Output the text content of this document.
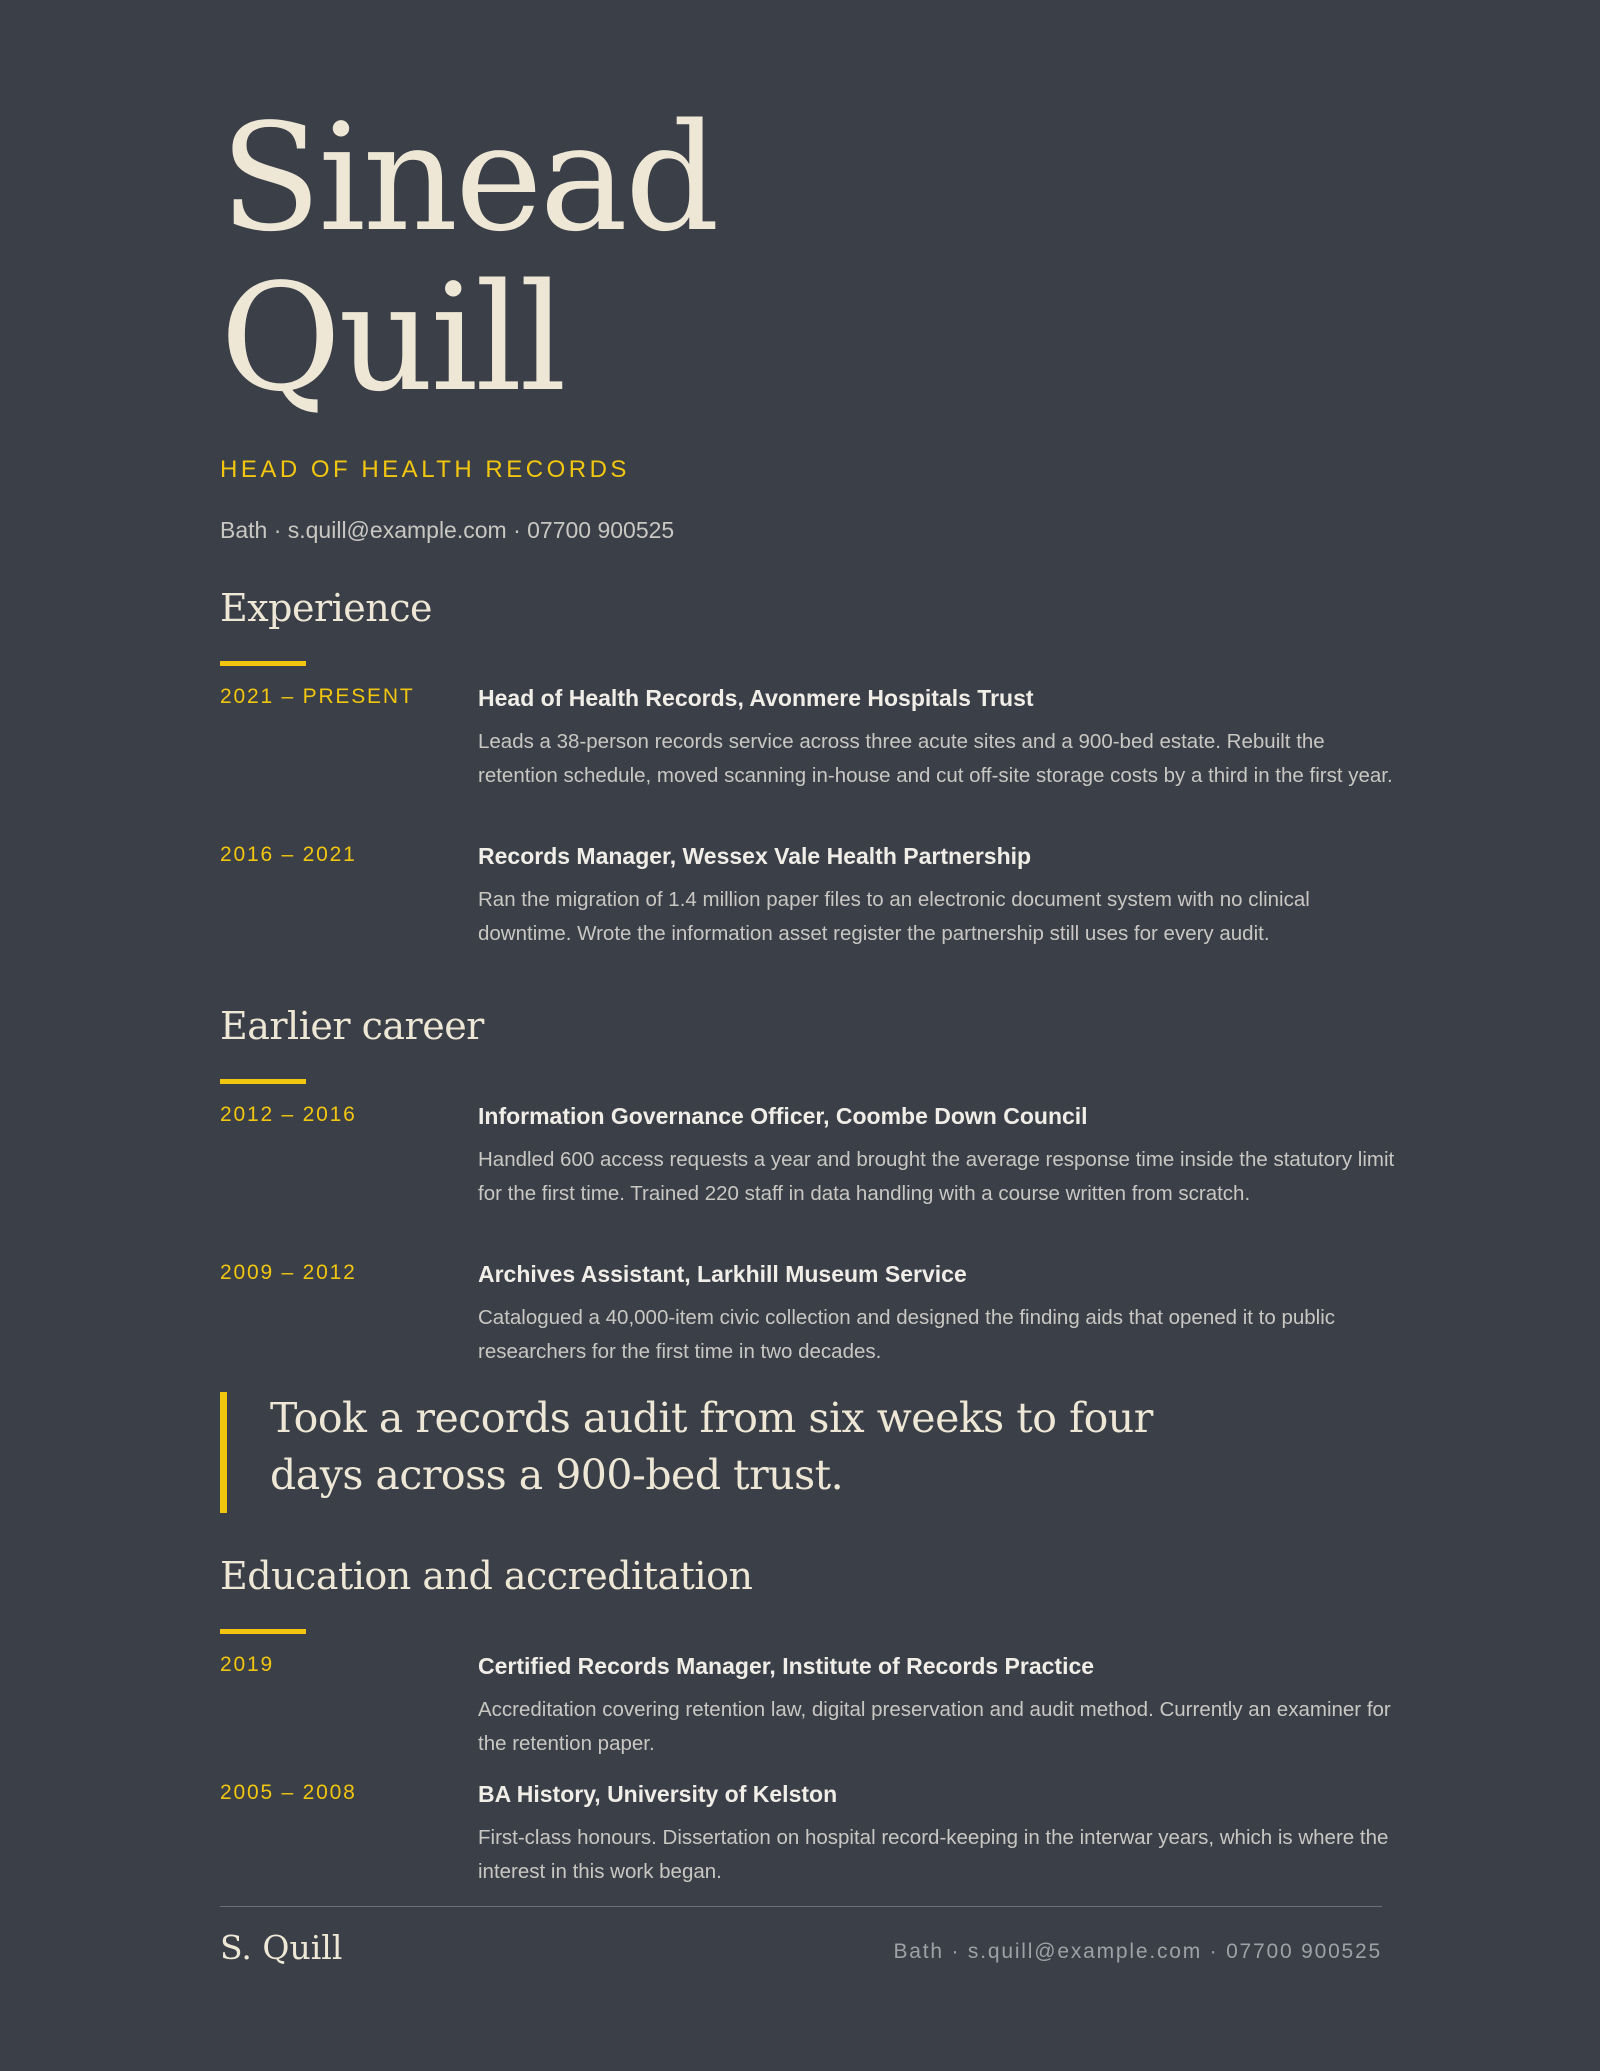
Sinead
Quill

HEAD OF HEALTH RECORDS

Bath · s.quill@example.com · 07700 900525

Experience

2021 – PRESENT	Head of Health Records, Avonmere Hospitals Trust

Leads a 38-person records service across three acute sites and a 900-bed estate. Rebuilt the retention schedule, moved scanning in-house and cut off-site storage costs by a third in the first year.

2016 – 2021	Records Manager, Wessex Vale Health Partnership

Ran the migration of 1.4 million paper files to an electronic document system with no clinical downtime. Wrote the information asset register the partnership still uses for every audit.

Earlier career

2012 – 2016	Information Governance Officer, Coombe Down Council

Handled 600 access requests a year and brought the average response time inside the statutory limit for the first time. Trained 220 staff in data handling with a course written from scratch.

2009 – 2012	Archives Assistant, Larkhill Museum Service

Catalogued a 40,000-item civic collection and designed the finding aids that opened it to public researchers for the first time in two decades.

Took a records audit from six weeks to four days across a 900-bed trust.

Education and accreditation

2019	Certified Records Manager, Institute of Records Practice

Accreditation covering retention law, digital preservation and audit method. Currently an examiner for the retention paper.

2005 – 2008	BA History, University of Kelston

First-class honours. Dissertation on hospital record-keeping in the interwar years, which is where the interest in this work began.

S. Quill	Bath · s.quill@example.com · 07700 900525
